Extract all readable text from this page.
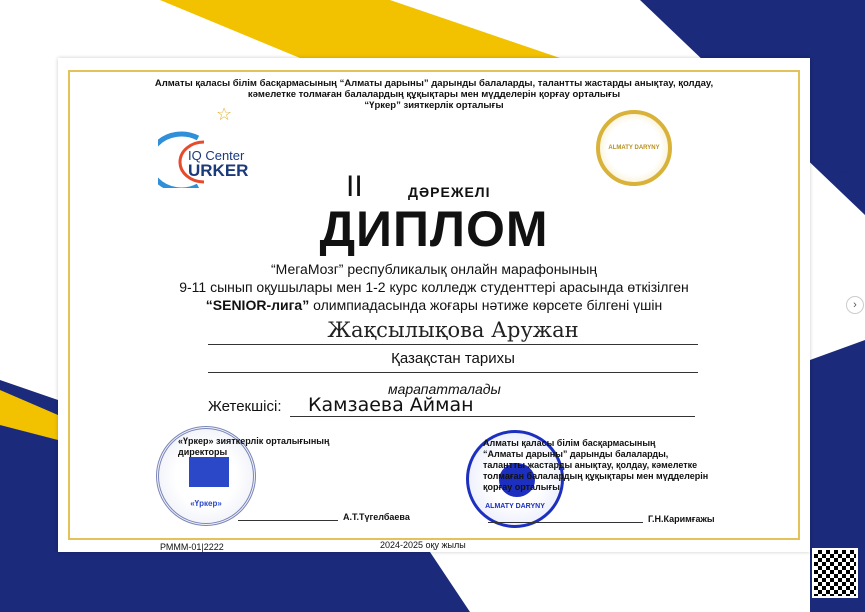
Алматы қаласы білім басқармасының “Алматы дарыны” дарынды балаларды, талантты жастарды анықтау, қолдау,
кәмелетке толмаған балалардың құқықтары мен мүдделерін қорғау орталығы
“Үркер” зияткерлік орталығы
☆
IQ Center
URKER
ALMATY DARYNY
II	ДӘРЕЖЕЛІ
ДИПЛОМ
“МегаМозг” республикалық онлайн марафонының
9-11 сынып оқушылары мен 1-2 курс колледж студенттері арасында өткізілген
“SENIOR-лига” олимпиадасында жоғары нәтиже көрсете білгені үшін
Жақсылықова Аружан
Қазақстан тарихы
марапатталады
Жетекшісі: Камзаева Айман
«Үркер»
«Үркер» зияткерлік орталығының
директоры
А.Т.Түгелбаева
ALMATY DARYNY
Алматы қаласы білім басқармасының
“Алматы дарыны” дарынды балаларды,
талантты жастарды анықтау, қолдау, кәмелетке
толмаған балалардың құқықтары мен мүдделерін
қорғау орталығы
Г.Н.Каримғажы
РМММ-01|2222	2024-2025 оқу жылы
›
